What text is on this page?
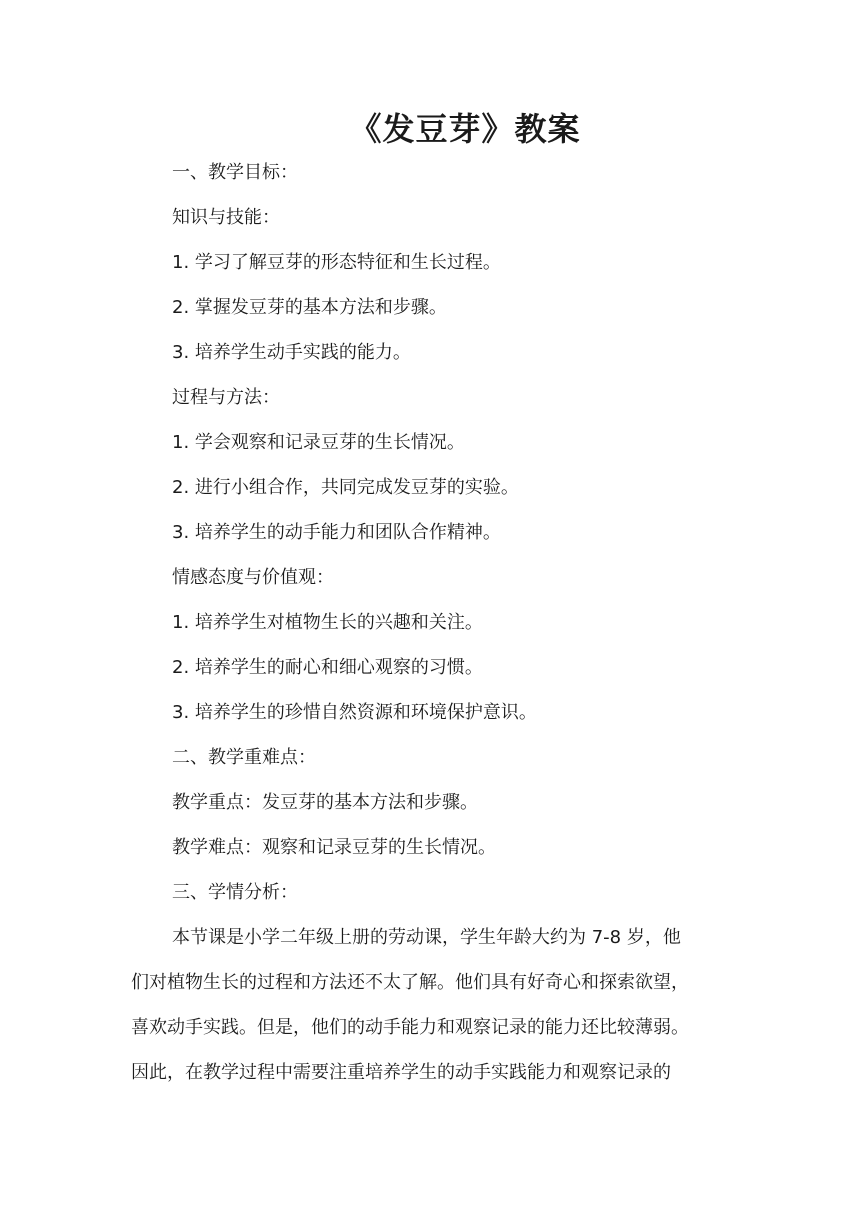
《发豆芽》教案
一、教学目标：
知识与技能：
1. 学习了解豆芽的形态特征和生长过程。
2. 掌握发豆芽的基本方法和步骤。
3. 培养学生动手实践的能力。
过程与方法：
1. 学会观察和记录豆芽的生长情况。
2. 进行小组合作，共同完成发豆芽的实验。
3. 培养学生的动手能力和团队合作精神。
情感态度与价值观：
1. 培养学生对植物生长的兴趣和关注。
2. 培养学生的耐心和细心观察的习惯。
3. 培养学生的珍惜自然资源和环境保护意识。
二、教学重难点：
教学重点：发豆芽的基本方法和步骤。
教学难点：观察和记录豆芽的生长情况。
三、学情分析：
本节课是小学二年级上册的劳动课，学生年龄大约为 7-8 岁，他
们对植物生长的过程和方法还不太了解。他们具有好奇心和探索欲望，
喜欢动手实践。但是，他们的动手能力和观察记录的能力还比较薄弱。
因此，在教学过程中需要注重培养学生的动手实践能力和观察记录的
